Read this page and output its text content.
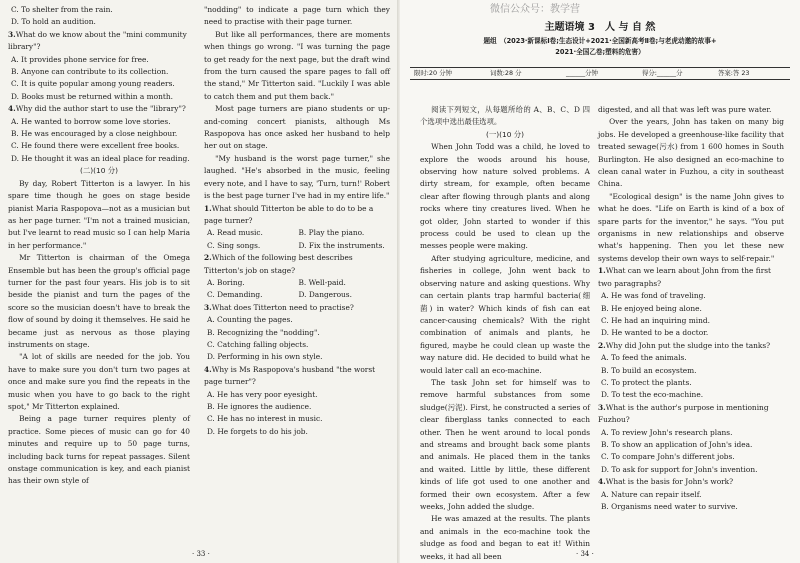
C. To shelter from the rain.
D. To hold an audition.
3.What do we know about the "mini community library"?
A. It provides phone service for free.
B. Anyone can contribute to its collection.
C. It is quite popular among young readers.
D. Books must be returned within a month.
4.Why did the author start to use the "library"?
A. He wanted to borrow some love stories.
B. He was encouraged by a close neighbour.
C. He found there were excellent free books.
D. He thought it was an ideal place for reading.
(二)(10 分)
By day, Robert Titterton is a lawyer. In his spare time though he goes on stage beside pianist Maria Raspopova—not as a musician but as her page turner. "I'm not a trained musician, but I've learnt to read music so I can help Maria in her performance."
Mr Titterton is chairman of the Omega Ensemble but has been the group's official page turner for the past four years. His job is to sit beside the pianist and turn the pages of the score so the musician doesn't have to break the flow of sound by doing it themselves. He said he became just as nervous as those playing instruments on stage.
"A lot of skills are needed for the job. You have to make sure you don't turn two pages at once and make sure you find the repeats in the music when you have to go back to the right spot," Mr Titterton explained.
Being a page turner requires plenty of practice. Some pieces of music can go for 40 minutes and require up to 50 page turns, including back turns for repeat passages. Silent onstage communication is key, and each pianist has their own style of
"nodding" to indicate a page turn which they need to practise with their page turner.
But like all performances, there are moments when things go wrong. "I was turning the page to get ready for the next page, but the draft wind from the turn caused the spare pages to fall off the stand," Mr Titterton said. "Luckily I was able to catch them and put them back."
Most page turners are piano students or up-and-coming concert pianists, although Ms Raspopova has once asked her husband to help her out on stage.
"My husband is the worst page turner," she laughed. "He's absorbed in the music, feeling every note, and I have to say, 'Turn, turn!' Robert is the best page turner I've had in my entire life."
1.What should Titterton be able to do to be a page turner?
A. Read music.	B. Play the piano.
C. Sing songs.	D. Fix the instruments.
2.Which of the following best describes Titterton's job on stage?
A. Boring.	B. Well-paid.
C. Demanding.	D. Dangerous.
3.What does Titterton need to practise?
A. Counting the pages.
B. Recognizing the "nodding".
C. Catching falling objects.
D. Performing in his own style.
4.Why is Ms Raspopova's husband "the worst page turner"?
A. He has very poor eyesight.
B. He ignores the audience.
C. He has no interest in music.
D. He forgets to do his job.
· 33 ·	· 34 ·
微信公众号：教学营
主题语境 3　人 与 自 然
题组　（2023·新课标Ⅰ卷;生态设计+2021·全国新高考Ⅱ卷;与老虎动邀的故事+
2021·全国乙卷;塑料的危害）
限时:20 分钟	词数:28 分	______分钟	得分:______分	答案:答 23
阅读下列短文，从每题所给的 A、B、C、D 四个选项中选出最佳选项。
(一)(10 分)
When John Todd was a child, he loved to explore the woods around his house, observing how nature solved problems. A dirty stream, for example, often became clear after flowing through plants and along rocks where tiny creatures lived. When he got older, John started to wonder if this process could be used to clean up the messes people were making.
After studying agriculture, medicine, and fisheries in college, John went back to observing nature and asking questions. Why can certain plants trap harmful bacteria(细菌) in water? Which kinds of fish can eat cancer-causing chemicals? With the right combination of animals and plants, he figured, maybe he could clean up waste the way nature did. He decided to build what he would later call an eco-machine.
The task John set for himself was to remove harmful substances from some sludge(污泥). First, he constructed a series of clear fiberglass tanks connected to each other. Then he went around to local ponds and streams and brought back some plants and animals. He placed them in the tanks and waited. Little by little, these different kinds of life got used to one another and formed their own ecosystem. After a few weeks, John added the sludge.
He was amazed at the results. The plants and animals in the eco-machine took the sludge as food and began to eat it! Within weeks, it had all been
digested, and all that was left was pure water.
Over the years, John has taken on many big jobs. He developed a greenhouse-like facility that treated sewage(污水) from 1 600 homes in South Burlington. He also designed an eco-machine to clean canal water in Fuzhou, a city in southeast China.
"Ecological design" is the name John gives to what he does. "Life on Earth is kind of a box of spare parts for the inventor," he says. "You put organisms in new relationships and observe what's happening. Then you let these new systems develop their own ways to self-repair."
1.What can we learn about John from the first two paragraphs?
A. He was fond of traveling.
B. He enjoyed being alone.
C. He had an inquiring mind.
D. He wanted to be a doctor.
2.Why did John put the sludge into the tanks?
A. To feed the animals.
B. To build an ecosystem.
C. To protect the plants.
D. To test the eco-machine.
3.What is the author's purpose in mentioning Fuzhou?
A. To review John's research plans.
B. To show an application of John's idea.
C. To compare John's different jobs.
D. To ask for support for John's invention.
4.What is the basis for John's work?
A. Nature can repair itself.
B. Organisms need water to survive.
